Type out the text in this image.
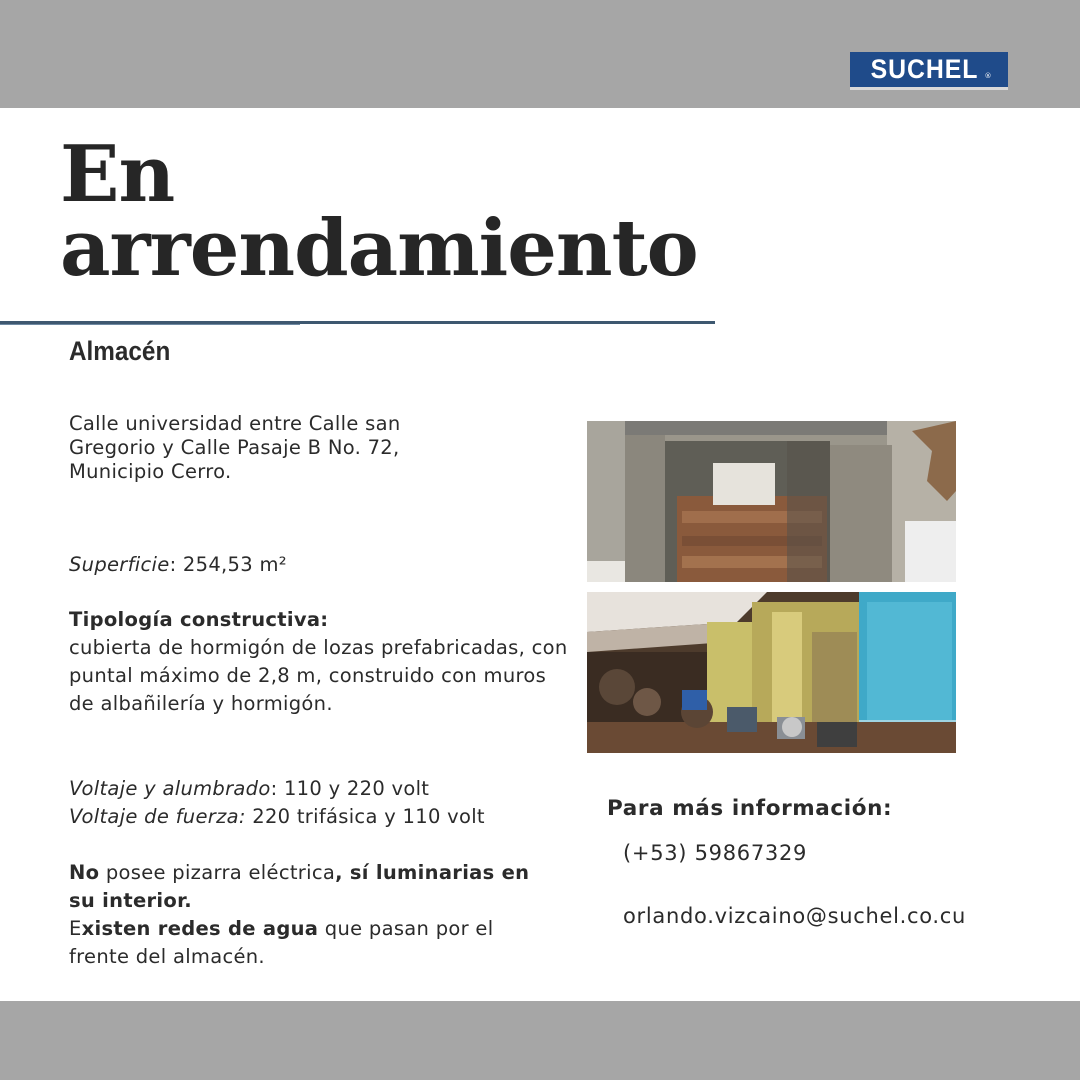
SUCHEL ®
En
arrendamiento
Almacén
Calle universidad entre Calle san Gregorio y Calle Pasaje B No. 72, Municipio Cerro.
Superficie: 254,53 m²

Tipología constructiva:

cubierta de hormigón de lozas prefabricadas, con puntal máximo de 2,8 m, construido con muros de albañilería y hormigón.

Voltaje y alumbrado: 110 y 220 volt

Voltaje de fuerza: 220 trifásica y 110 volt

No posee pizarra eléctrica, sí luminarias en su interior.

Existen redes de agua que pasan por el frente del almacén.

Para más información:
(+53) 59867329
orlando.vizcaino@suchel.co.cu
